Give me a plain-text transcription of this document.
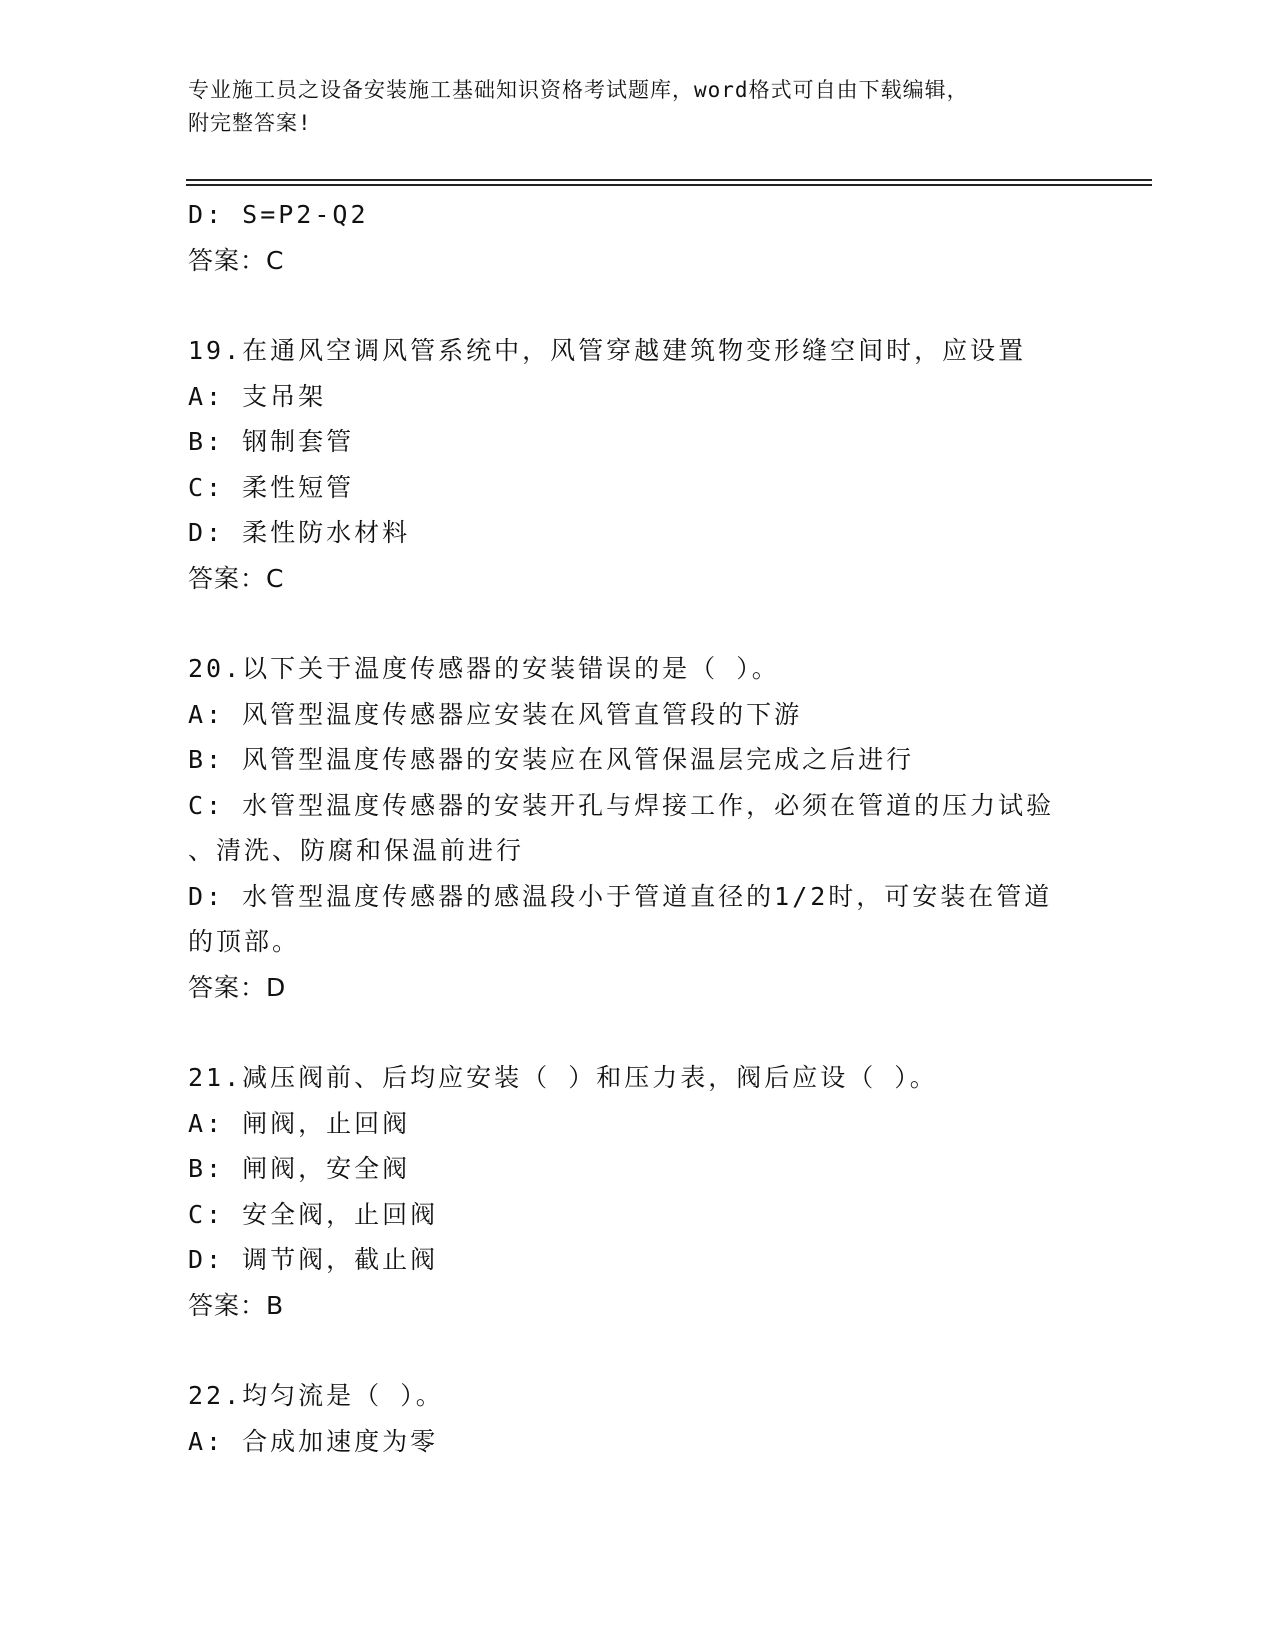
专业施工员之设备安装施工基础知识资格考试题库，word格式可自由下载编辑，
附完整答案!
D: S=P2-Q2
答案：C
19.在通风空调风管系统中，风管穿越建筑物变形缝空间时，应设置
A: 支吊架
B: 钢制套管
C: 柔性短管
D: 柔性防水材料
答案：C
20.以下关于温度传感器的安装错误的是（ ）。
A: 风管型温度传感器应安装在风管直管段的下游
B: 风管型温度传感器的安装应在风管保温层完成之后进行
C: 水管型温度传感器的安装开孔与焊接工作，必须在管道的压力试验
、清洗、防腐和保温前进行
D: 水管型温度传感器的感温段小于管道直径的1/2时，可安装在管道
的顶部。
答案：D
21.减压阀前、后均应安装（ ）和压力表，阀后应设（ ）。
A: 闸阀，止回阀
B: 闸阀，安全阀
C: 安全阀，止回阀
D: 调节阀，截止阀
答案：B
22.均匀流是（ ）。
A: 合成加速度为零
